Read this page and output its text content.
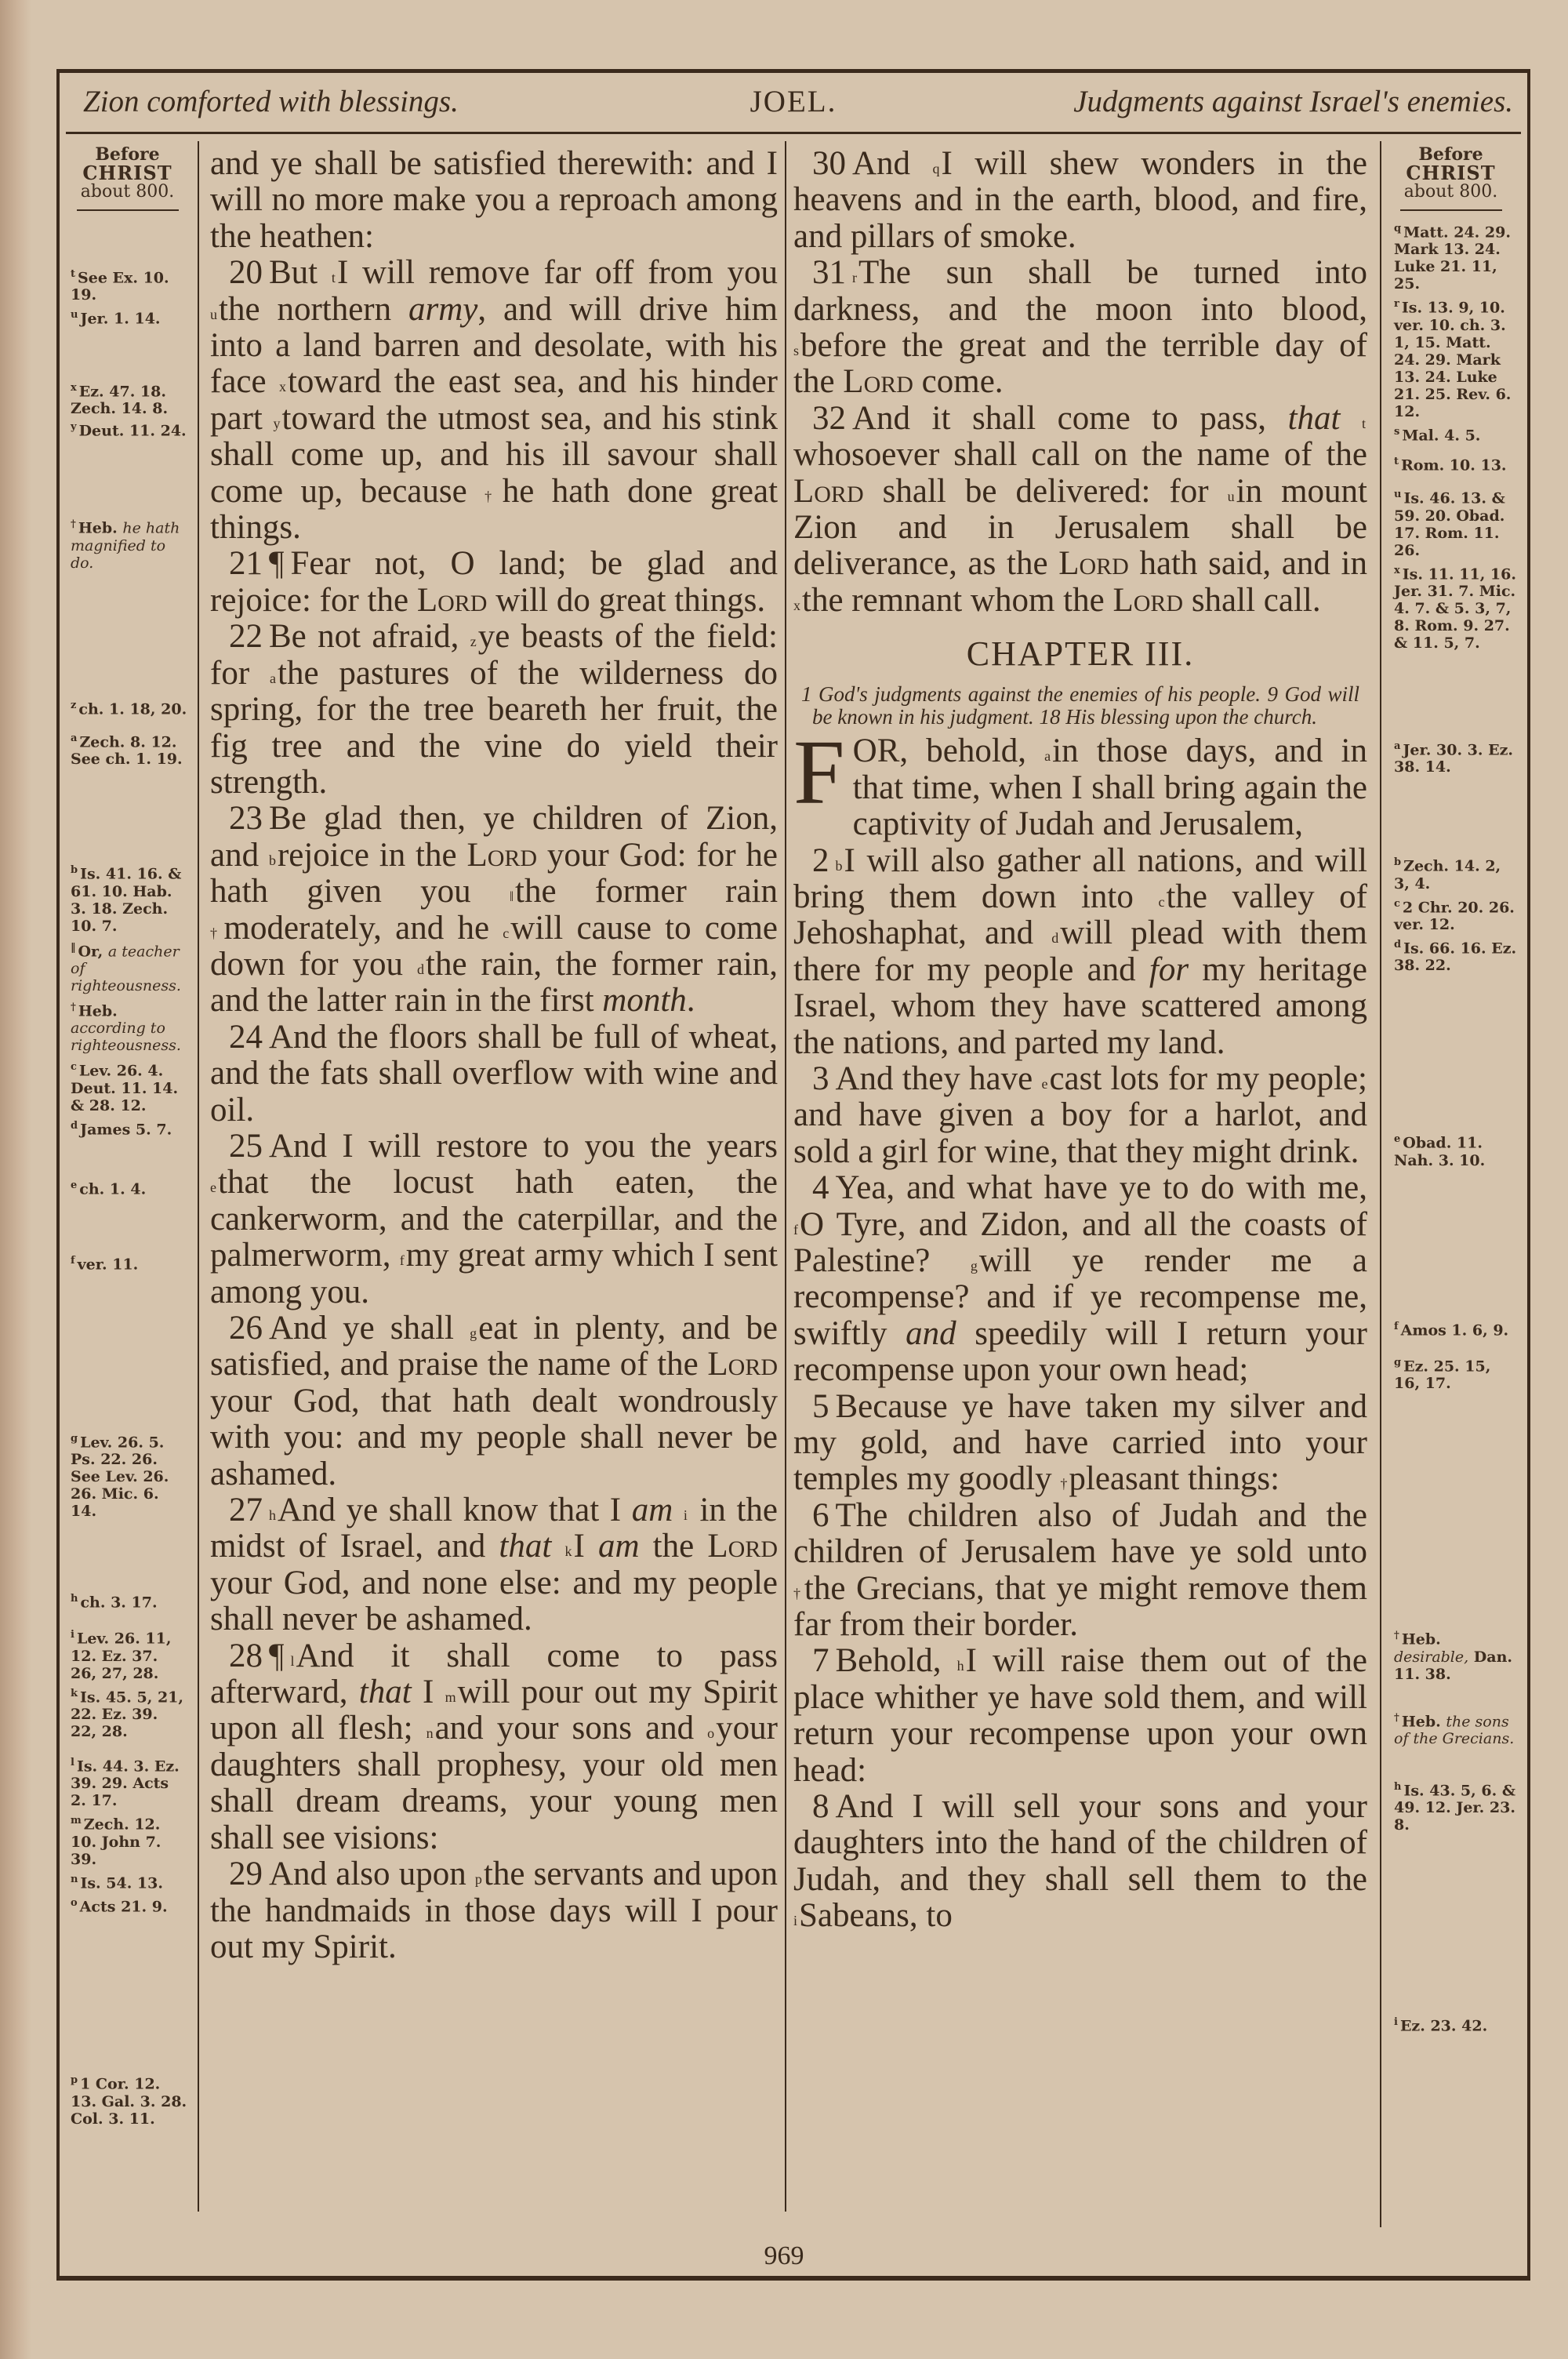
Zion comforted with blessings.	JOEL.	Judgments against Israel's enemies.
Before
CHRIST
about 800.
$^t$ See Ex. 10. 19.
$^u$ Jer. 1. 14.
$^x$ Ez. 47. 18. Zech. 14. 8.
$^y$ Deut. 11. 24.
† Heb. he hath magnified to do.
$^z$ ch. 1. 18, 20.
$^a$ Zech. 8. 12. See ch. 1. 19.
$^b$ Is. 41. 16. & 61. 10. Hab. 3. 18. Zech. 10. 7.
‖ Or, a teacher of righteousness.
† Heb. according to righteousness.
$^c$ Lev. 26. 4. Deut. 11. 14. & 28. 12.
$^d$ James 5. 7.
$^e$ ch. 1. 4.
$^f$ ver. 11.
$^g$ Lev. 26. 5. Ps. 22. 26. See Lev. 26. 26. Mic. 6. 14.
$^h$ ch. 3. 17.
$^i$ Lev. 26. 11, 12. Ez. 37. 26, 27, 28.
$^k$ Is. 45. 5, 21, 22. Ez. 39. 22, 28.
$^l$ Is. 44. 3. Ez. 39. 29. Acts 2. 17.
$^m$ Zech. 12. 10. John 7. 39.
$^n$ Is. 54. 13.
$^o$ Acts 21. 9.
$^p$ 1 Cor. 12. 13. Gal. 3. 28. Col. 3. 11.
Before
CHRIST
about 800.
$^q$ Matt. 24. 29. Mark 13. 24. Luke 21. 11, 25.
$^r$ Is. 13. 9, 10. ver. 10. ch. 3. 1, 15. Matt. 24. 29. Mark 13. 24. Luke 21. 25. Rev. 6. 12.
$^s$ Mal. 4. 5.
$^t$ Rom. 10. 13.
$^u$ Is. 46. 13. & 59. 20. Obad. 17. Rom. 11. 26.
$^x$ Is. 11. 11, 16. Jer. 31. 7. Mic. 4. 7. & 5. 3, 7, 8. Rom. 9. 27. & 11. 5, 7.
$^a$ Jer. 30. 3. Ez. 38. 14.
$^b$ Zech. 14. 2, 3, 4.
$^c$ 2 Chr. 20. 26. ver. 12.
$^d$ Is. 66. 16. Ez. 38. 22.
$^e$ Obad. 11. Nah. 3. 10.
$^f$ Amos 1. 6, 9.
$^g$ Ez. 25. 15, 16, 17.
† Heb. desirable, Dan. 11. 38.
† Heb. the sons of the Grecians.
$^h$ Is. 43. 5, 6. & 49. 12. Jer. 23. 8.
$^i$ Ez. 23. 42.

and ye shall be satisfied therewith: and I will no more make you a reproach among the heathen:

20 But $^t$I will remove far off from you $^u$the northern army, and will drive him into a land barren and desolate, with his face $^x$toward the east sea, and his hinder part $^y$toward the utmost sea, and his stink shall come up, and his ill savour shall come up, because †he hath done great things.

21 ¶ Fear not, O land; be glad and rejoice: for the Lord will do great things.

22 Be not afraid, $^z$ye beasts of the field: for $^a$the pastures of the wilderness do spring, for the tree beareth her fruit, the fig tree and the vine do yield their strength.

23 Be glad then, ye children of Zion, and $^b$rejoice in the Lord your God: for he hath given you ‖the former rain †moderately, and he $^c$will cause to come down for you $^d$the rain, the former rain, and the latter rain in the first month.

24 And the floors shall be full of wheat, and the fats shall overflow with wine and oil.

25 And I will restore to you the years $^e$that the locust hath eaten, the cankerworm, and the caterpillar, and the palmerworm, $^f$my great army which I sent among you.

26 And ye shall $^g$eat in plenty, and be satisfied, and praise the name of the Lord your God, that hath dealt wondrously with you: and my people shall never be ashamed.

27 $^h$And ye shall know that I am $^i$ in the midst of Israel, and that $^k$I am the Lord your God, and none else: and my people shall never be ashamed.

28 ¶ $^l$And it shall come to pass afterward, that I $^m$will pour out my Spirit upon all flesh; $^n$and your sons and $^o$your daughters shall prophesy, your old men shall dream dreams, your young men shall see visions:

29 And also upon $^p$the servants and upon the handmaids in those days will I pour out my Spirit.

30 And $^q$I will shew wonders in the heavens and in the earth, blood, and fire, and pillars of smoke.

31 $^r$The sun shall be turned into darkness, and the moon into blood, $^s$before the great and the terrible day of the Lord come.

32 And it shall come to pass, that $^t$ whosoever shall call on the name of the Lord shall be delivered: for $^u$in mount Zion and in Jerusalem shall be deliverance, as the Lord hath said, and in $^x$the remnant whom the Lord shall call.

CHAPTER III.
1 God's judgments against the enemies of his people. 9 God will be known in his judgment. 18 His blessing upon the church.

FOR, behold, $^a$in those days, and in that time, when I shall bring again the captivity of Judah and Jerusalem,

2 $^b$I will also gather all nations, and will bring them down into $^c$the valley of Jehoshaphat, and $^d$will plead with them there for my people and for my heritage Israel, whom they have scattered among the nations, and parted my land.

3 And they have $^e$cast lots for my people; and have given a boy for a harlot, and sold a girl for wine, that they might drink.

4 Yea, and what have ye to do with me, $^f$O Tyre, and Zidon, and all the coasts of Palestine? $^g$will ye render me a recompense? and if ye recompense me, swiftly and speedily will I return your recompense upon your own head;

5 Because ye have taken my silver and my gold, and have carried into your temples my goodly †pleasant things:

6 The children also of Judah and the children of Jerusalem have ye sold unto †the Grecians, that ye might remove them far from their border.

7 Behold, $^h$I will raise them out of the place whither ye have sold them, and will return your recompense upon your own head:

8 And I will sell your sons and your daughters into the hand of the children of Judah, and they shall sell them to the $^i$Sabeans, to

969
